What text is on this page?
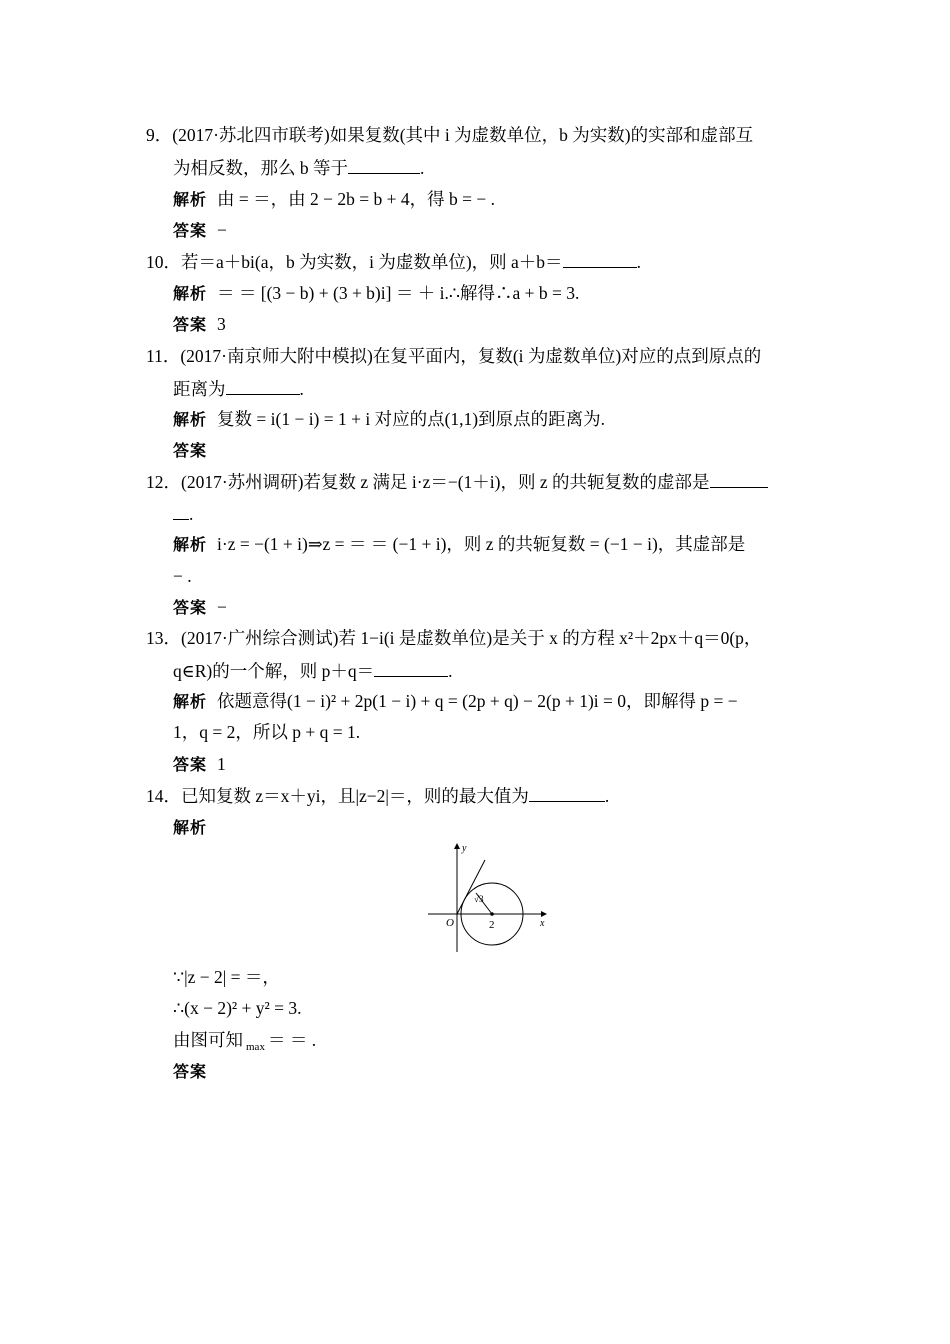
9．(2017·苏北四市联考)如果复数(其中 i 为虚数单位，b 为实数)的实部和虚部互
为相反数，那么 b 等于	.
解析 由 = ＝，由 2 − 2b = b + 4，得 b = − .
答案 −
10．若＝a＋bi(a，b 为实数，i 为虚数单位)，则 a＋b＝	.
解析 ＝ ＝ [(3 − b) + (3 + b)i] ＝ ＋ i.∴解得∴a + b = 3.
答案 3
11．(2017·南京师大附中模拟)在复平面内，复数(i 为虚数单位)对应的点到原点的
距离为	.
解析 复数 = i(1 − i) = 1 + i 对应的点(1,1)到原点的距离为.
答案
12．(2017·苏州调研)若复数 z 满足 i·z＝−(1＋i)，则 z 的共轭复数的虚部是
.
解析 i·z = −(1 + i)⇒z = ＝ ＝ (−1 + i)，则 z 的共轭复数 = (−1 − i)，其虚部是
− .
答案 −
13．(2017·广州综合测试)若 1−i(i 是虚数单位)是关于 x 的方程 x²＋2px＋q＝0(p，
q∈R)的一个解，则 p＋q＝	.
解析 依题意得(1 − i)² + 2p(1 − i) + q = (2p + q) − 2(p + 1)i = 0，即解得 p = −
1，q = 2，所以 p + q = 1.
答案 1
14．已知复数 z＝x＋yi，且|z−2|＝，则的最大值为	.
解析
y
x
O	2
√3
∵|z − 2| = ＝，
∴(x − 2)² + y² = 3.
由图可知 $_{max}$ ＝ ＝ .
答案
